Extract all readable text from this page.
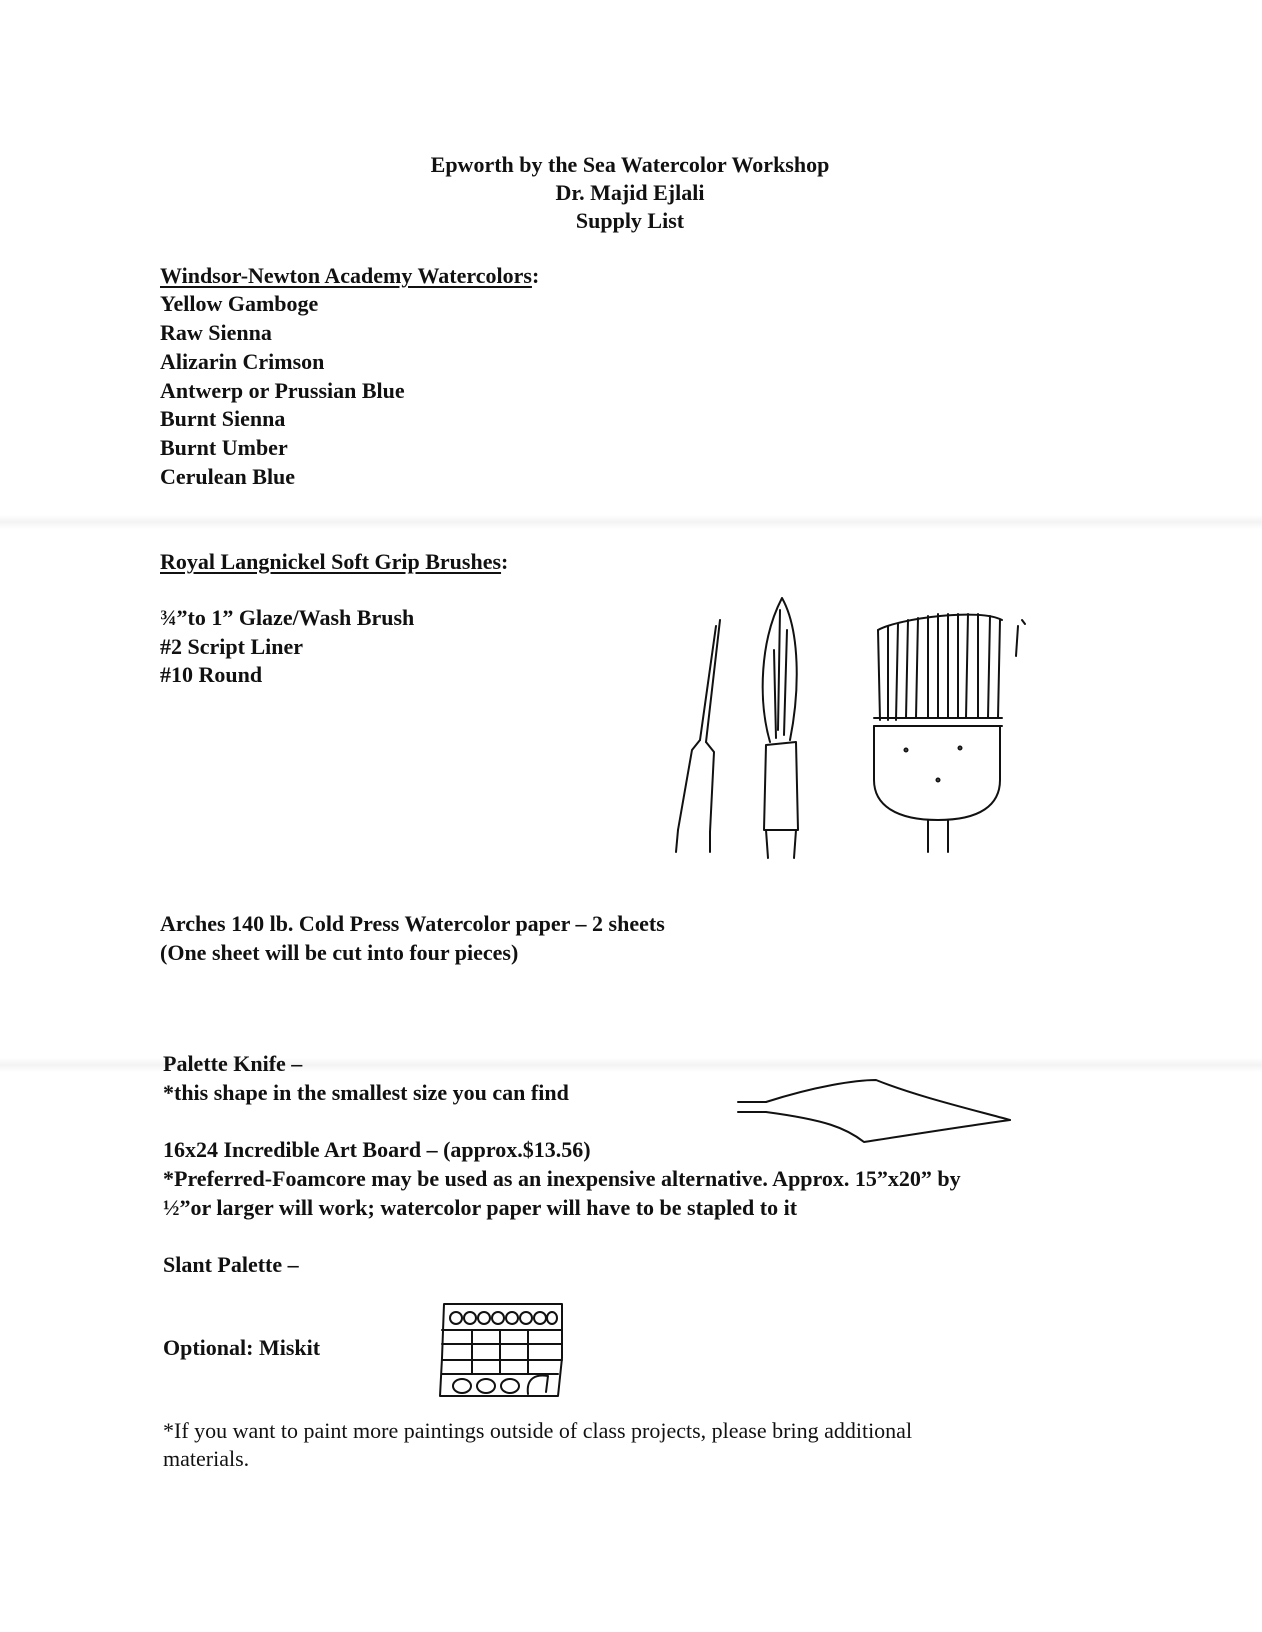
Epworth by the Sea Watercolor Workshop
Dr. Majid Ejlali
Supply List
Windsor-Newton Academy Watercolors:
Yellow Gamboge
Raw Sienna
Alizarin Crimson
Antwerp or Prussian Blue
Burnt Sienna
Burnt Umber
Cerulean Blue
Royal Langnickel Soft Grip Brushes:
¾”to 1” Glaze/Wash Brush
#2 Script Liner
#10 Round
Arches 140 lb. Cold Press Watercolor paper – 2 sheets
(One sheet will be cut into four pieces)
Palette Knife –
*this shape in the smallest size you can find
16x24 Incredible Art Board – (approx.$13.56)
*Preferred-Foamcore may be used as an inexpensive alternative. Approx. 15”x20” by
½”or larger will work; watercolor paper will have to be stapled to it
Slant Palette –
Optional: Miskit
*If you want to paint more paintings outside of class projects, please bring additional
materials.
